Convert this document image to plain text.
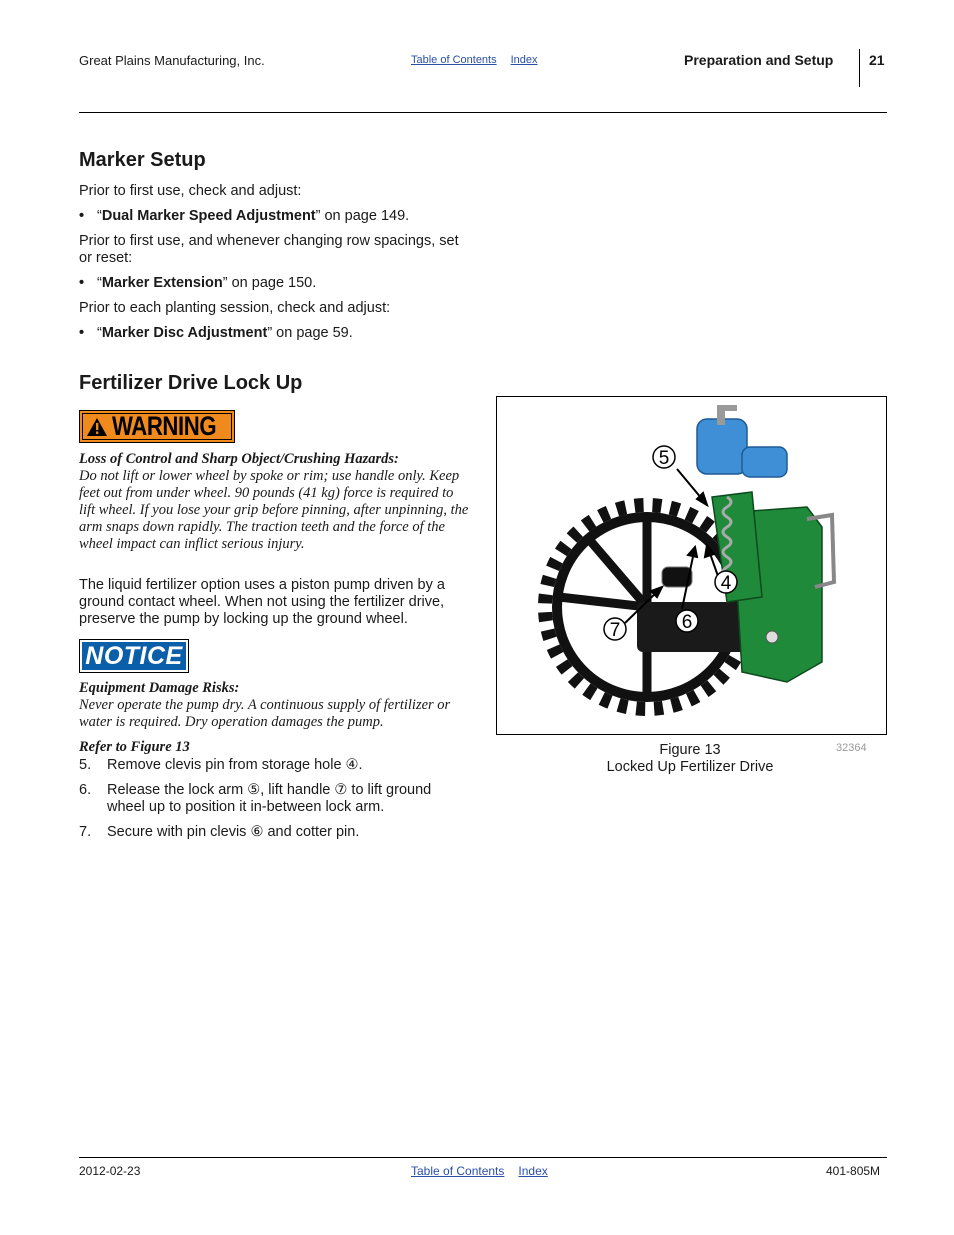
Great Plains Manufacturing, Inc.	Table of Contents Index	Preparation and Setup	21
Marker Setup
Prior to first use, check and adjust:
• “Dual Marker Speed Adjustment” on page 149.
Prior to first use, and whenever changing row spacings, set or reset:
• “Marker Extension” on page 150.
Prior to each planting session, check and adjust:
• “Marker Disc Adjustment” on page 59.
Fertilizer Drive Lock Up
WARNING
Loss of Control and Sharp Object/Crushing Hazards:
Do not lift or lower wheel by spoke or rim; use handle only. Keep feet out from under wheel. 90 pounds (41 kg) force is required to lift wheel. If you lose your grip before pinning, after unpinning, the arm snaps down rapidly. The traction teeth and the force of the wheel impact can inflict serious injury.
The liquid fertilizer option uses a piston pump driven by a ground contact wheel. When not using the fertilizer drive, preserve the pump by locking up the ground wheel.
NOTICE
Equipment Damage Risks:
Never operate the pump dry. A continuous supply of fertilizer or water is required. Dry operation damages the pump.
Refer to Figure 13
5. Remove clevis pin from storage hole ④.
6.	Release the lock arm ⑤, lift handle ⑦ to lift ground wheel up to position it in-between lock arm.
7. Secure with pin clevis ⑥ and cotter pin.
5
4
6
7
Figure 13
Locked Up Fertilizer Drive
32364
2012-02-23	Table of Contents Index	401-805M
